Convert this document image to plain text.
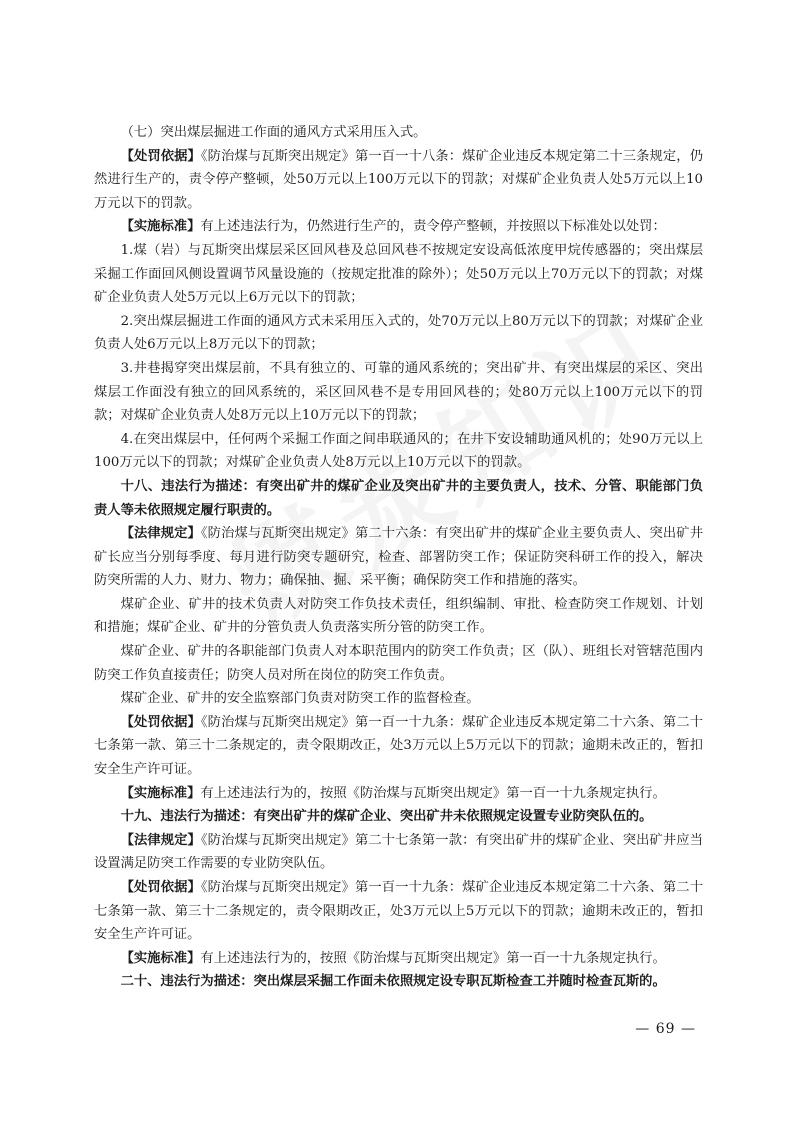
（七）突出煤层掘进工作面的通风方式采用压入式。

【处罚依据】《防治煤与瓦斯突出规定》第一百一十八条：煤矿企业违反本规定第二十三条规定，仍然进行生产的，责令停产整顿，处50万元以上100万元以下的罚款；对煤矿企业负责人处5万元以上10万元以下的罚款。

【实施标准】有上述违法行为，仍然进行生产的，责令停产整顿，并按照以下标准处以处罚：

1.煤（岩）与瓦斯突出煤层采区回风巷及总回风巷不按规定安设高低浓度甲烷传感器的；突出煤层采掘工作面回风侧设置调节风量设施的（按规定批准的除外）；处50万元以上70万元以下的罚款；对煤矿企业负责人处5万元以上6万元以下的罚款；

2.突出煤层掘进工作面的通风方式未采用压入式的，处70万元以上80万元以下的罚款；对煤矿企业负责人处6万元以上8万元以下的罚款；

3.井巷揭穿突出煤层前，不具有独立的、可靠的通风系统的；突出矿井、有突出煤层的采区、突出煤层工作面没有独立的回风系统的，采区回风巷不是专用回风巷的；处80万元以上100万元以下的罚款；对煤矿企业负责人处8万元以上10万元以下的罚款；

4.在突出煤层中，任何两个采掘工作面之间串联通风的；在井下安设辅助通风机的；处90万元以上100万元以下的罚款；对煤矿企业负责人处8万元以上10万元以下的罚款。

十八、违法行为描述：有突出矿井的煤矿企业及突出矿井的主要负责人，技术、分管、职能部门负责人等未依照规定履行职责的。

【法律规定】《防治煤与瓦斯突出规定》第二十六条：有突出矿井的煤矿企业主要负责人、突出矿井矿长应当分别每季度、每月进行防突专题研究，检查、部署防突工作；保证防突科研工作的投入，解决防突所需的人力、财力、物力；确保抽、掘、采平衡；确保防突工作和措施的落实。

煤矿企业、矿井的技术负责人对防突工作负技术责任，组织编制、审批、检查防突工作规划、计划和措施；煤矿企业、矿井的分管负责人负责落实所分管的防突工作。

煤矿企业、矿井的各职能部门负责人对本职范围内的防突工作负责；区（队）、班组长对管辖范围内防突工作负直接责任；防突人员对所在岗位的防突工作负责。

煤矿企业、矿井的安全监察部门负责对防突工作的监督检查。

【处罚依据】《防治煤与瓦斯突出规定》第一百一十九条：煤矿企业违反本规定第二十六条、第二十七条第一款、第三十二条规定的，责令限期改正，处3万元以上5万元以下的罚款；逾期未改正的，暂扣安全生产许可证。

【实施标准】有上述违法行为的，按照《防治煤与瓦斯突出规定》第一百一十九条规定执行。

十九、违法行为描述：有突出矿井的煤矿企业、突出矿井未依照规定设置专业防突队伍的。

【法律规定】《防治煤与瓦斯突出规定》第二十七条第一款：有突出矿井的煤矿企业、突出矿井应当设置满足防突工作需要的专业防突队伍。

【处罚依据】《防治煤与瓦斯突出规定》第一百一十九条：煤矿企业违反本规定第二十六条、第二十七条第一款、第三十二条规定的，责令限期改正，处3万元以上5万元以下的罚款；逾期未改正的，暂扣安全生产许可证。

【实施标准】有上述违法行为的，按照《防治煤与瓦斯突出规定》第一百一十九条规定执行。

二十、违法行为描述：突出煤层采掘工作面未依照规定设专职瓦斯检查工并随时检查瓦斯的。

— 69 —
